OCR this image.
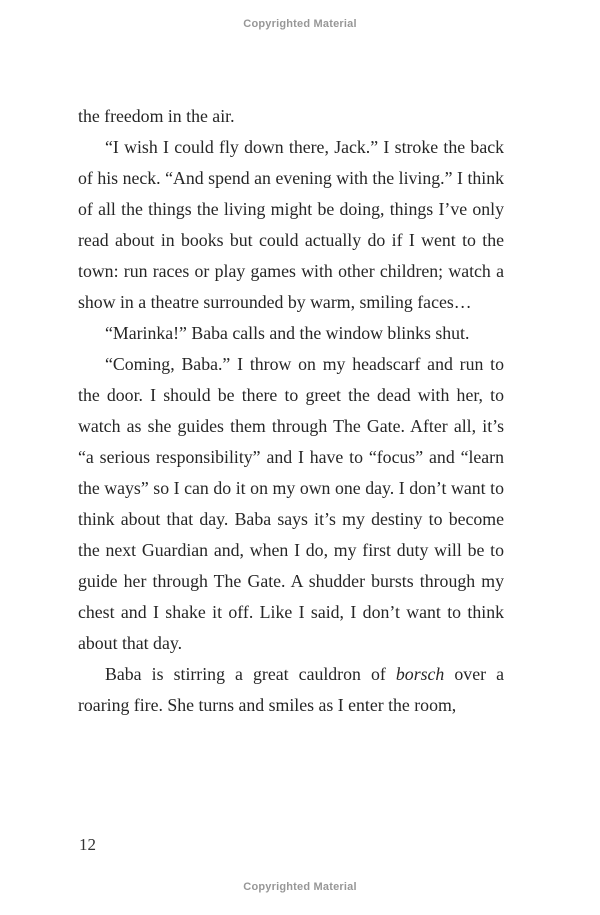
Copyrighted Material

the freedom in the air.

“I wish I could fly down there, Jack.” I stroke the back of his neck. “And spend an evening with the living.” I think of all the things the living might be doing, things I’ve only read about in books but could actually do if I went to the town: run races or play games with other children; watch a show in a theatre surrounded by warm, smiling faces…

“Marinka!” Baba calls and the window blinks shut.

“Coming, Baba.” I throw on my headscarf and run to the door. I should be there to greet the dead with her, to watch as she guides them through The Gate. After all, it’s “a serious responsibility” and I have to “focus” and “learn the ways” so I can do it on my own one day. I don’t want to think about that day. Baba says it’s my destiny to become the next Guardian and, when I do, my first duty will be to guide her through The Gate. A shudder bursts through my chest and I shake it off. Like I said, I don’t want to think about that day.

Baba is stirring a great cauldron of borsch over a roaring fire. She turns and smiles as I enter the room,

12
Copyrighted Material
